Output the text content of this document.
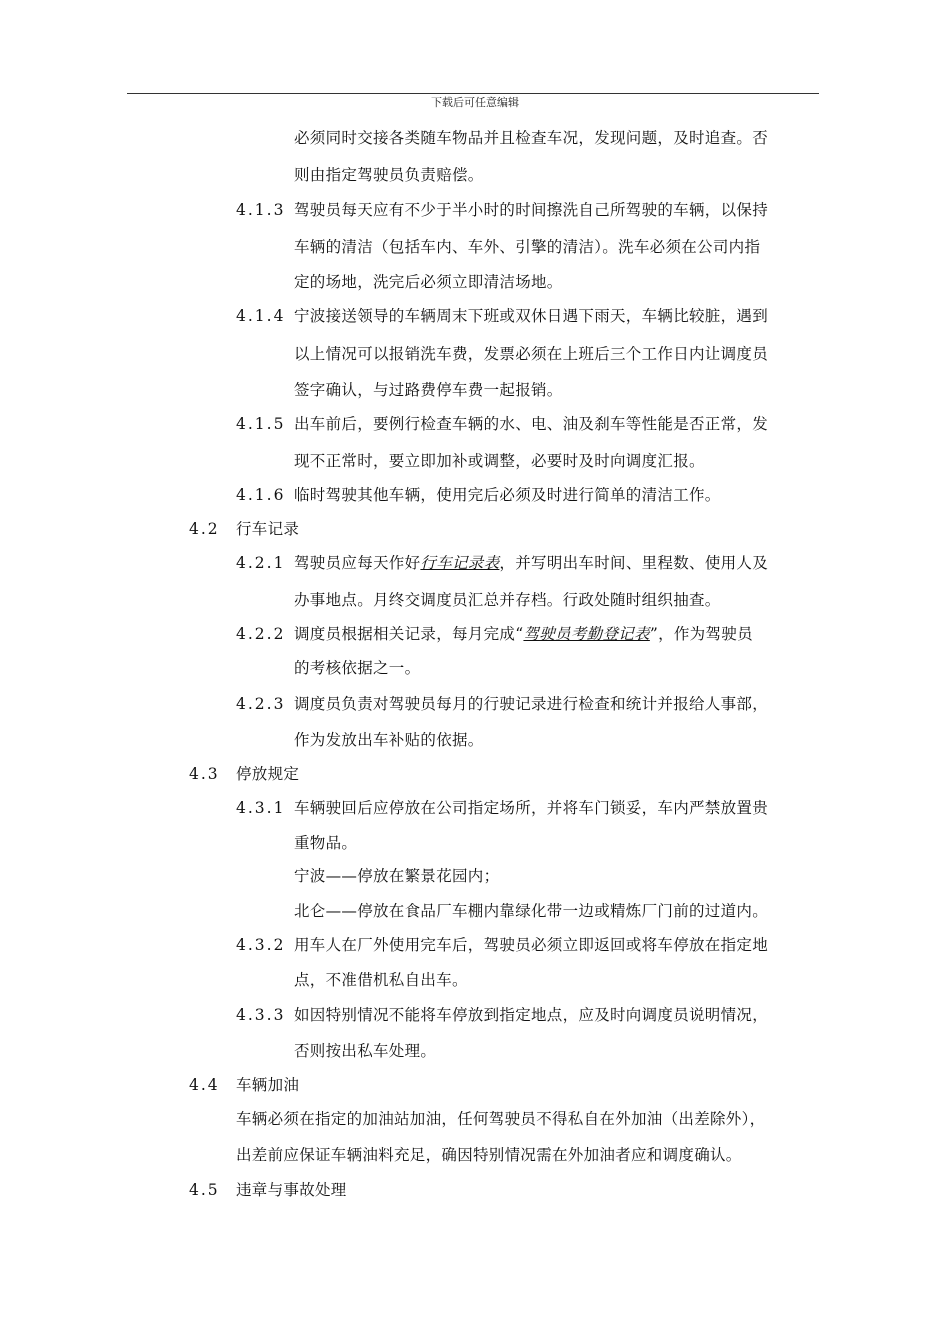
下载后可任意编辑
必须同时交接各类随车物品并且检查车况，发现问题，及时追查。否
则由指定驾驶员负责赔偿。
4.1.3 驾驶员每天应有不少于半小时的时间擦洗自己所驾驶的车辆，以保持
车辆的清洁（包括车内、车外、引擎的清洁）。洗车必须在公司内指
定的场地，洗完后必须立即清洁场地。
4.1.4 宁波接送领导的车辆周末下班或双休日遇下雨天，车辆比较脏，遇到
以上情况可以报销洗车费，发票必须在上班后三个工作日内让调度员
签字确认，与过路费停车费一起报销。
4.1.5 出车前后，要例行检查车辆的水、电、油及刹车等性能是否正常，发
现不正常时，要立即加补或调整，必要时及时向调度汇报。
4.1.6 临时驾驶其他车辆，使用完后必须及时进行简单的清洁工作。
4.2 行车记录
4.2.1 驾驶员应每天作好行车记录表，并写明出车时间、里程数、使用人及
办事地点。月终交调度员汇总并存档。行政处随时组织抽查。
4.2.2 调度员根据相关记录，每月完成“驾驶员考勤登记表”，作为驾驶员
的考核依据之一。
4.2.3 调度员负责对驾驶员每月的行驶记录进行检查和统计并报给人事部，
作为发放出车补贴的依据。
4.3 停放规定
4.3.1 车辆驶回后应停放在公司指定场所，并将车门锁妥，车内严禁放置贵
重物品。
宁波——停放在繁景花园内；
北仑——停放在食品厂车棚内靠绿化带一边或精炼厂门前的过道内。
4.3.2 用车人在厂外使用完车后，驾驶员必须立即返回或将车停放在指定地
点，不准借机私自出车。
4.3.3 如因特别情况不能将车停放到指定地点，应及时向调度员说明情况，
否则按出私车处理。
4.4 车辆加油
车辆必须在指定的加油站加油，任何驾驶员不得私自在外加油（出差除外），
出差前应保证车辆油料充足，确因特别情况需在外加油者应和调度确认。
4.5 违章与事故处理
